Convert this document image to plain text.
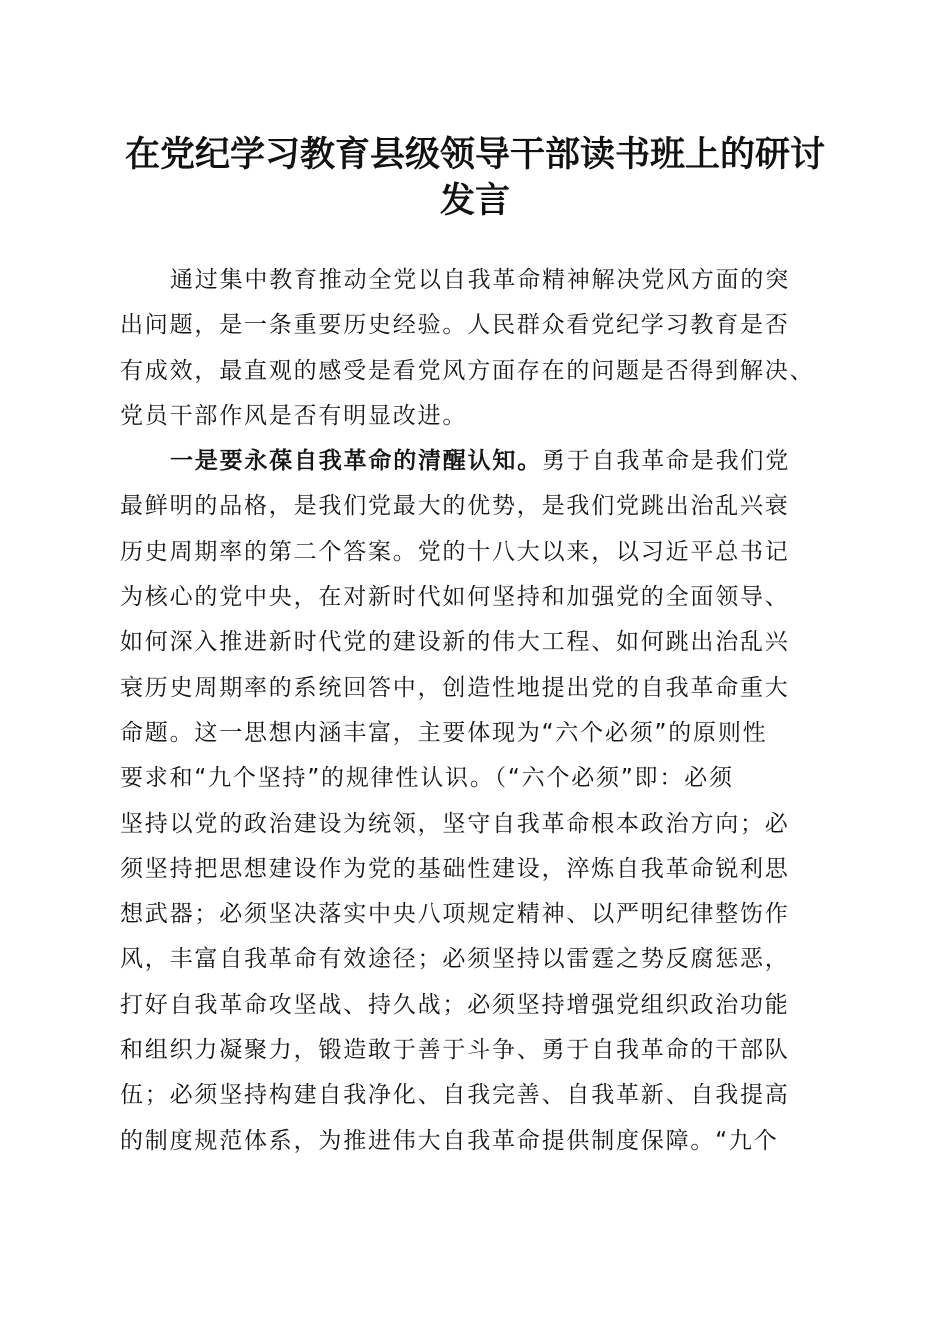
在党纪学习教育县级领导干部读书班上的研讨
发言
通过集中教育推动全党以自我革命精神解决党风方面的突
出问题，是一条重要历史经验。人民群众看党纪学习教育是否
有成效，最直观的感受是看党风方面存在的问题是否得到解决、
党员干部作风是否有明显改进。
一是要永葆自我革命的清醒认知。勇于自我革命是我们党
最鲜明的品格，是我们党最大的优势，是我们党跳出治乱兴衰
历史周期率的第二个答案。党的十八大以来，以习近平总书记
为核心的党中央，在对新时代如何坚持和加强党的全面领导、
如何深入推进新时代党的建设新的伟大工程、如何跳出治乱兴
衰历史周期率的系统回答中，创造性地提出党的自我革命重大
命题。这一思想内涵丰富，主要体现为“六个必须”的原则性
要求和“九个坚持”的规律性认识。（“六个必须”即：必须
坚持以党的政治建设为统领，坚守自我革命根本政治方向；必
须坚持把思想建设作为党的基础性建设，淬炼自我革命锐利思
想武器；必须坚决落实中央八项规定精神、以严明纪律整饬作
风，丰富自我革命有效途径；必须坚持以雷霆之势反腐惩恶，
打好自我革命攻坚战、持久战；必须坚持增强党组织政治功能
和组织力凝聚力，锻造敢于善于斗争、勇于自我革命的干部队
伍；必须坚持构建自我净化、自我完善、自我革新、自我提高
的制度规范体系，为推进伟大自我革命提供制度保障。“九个
